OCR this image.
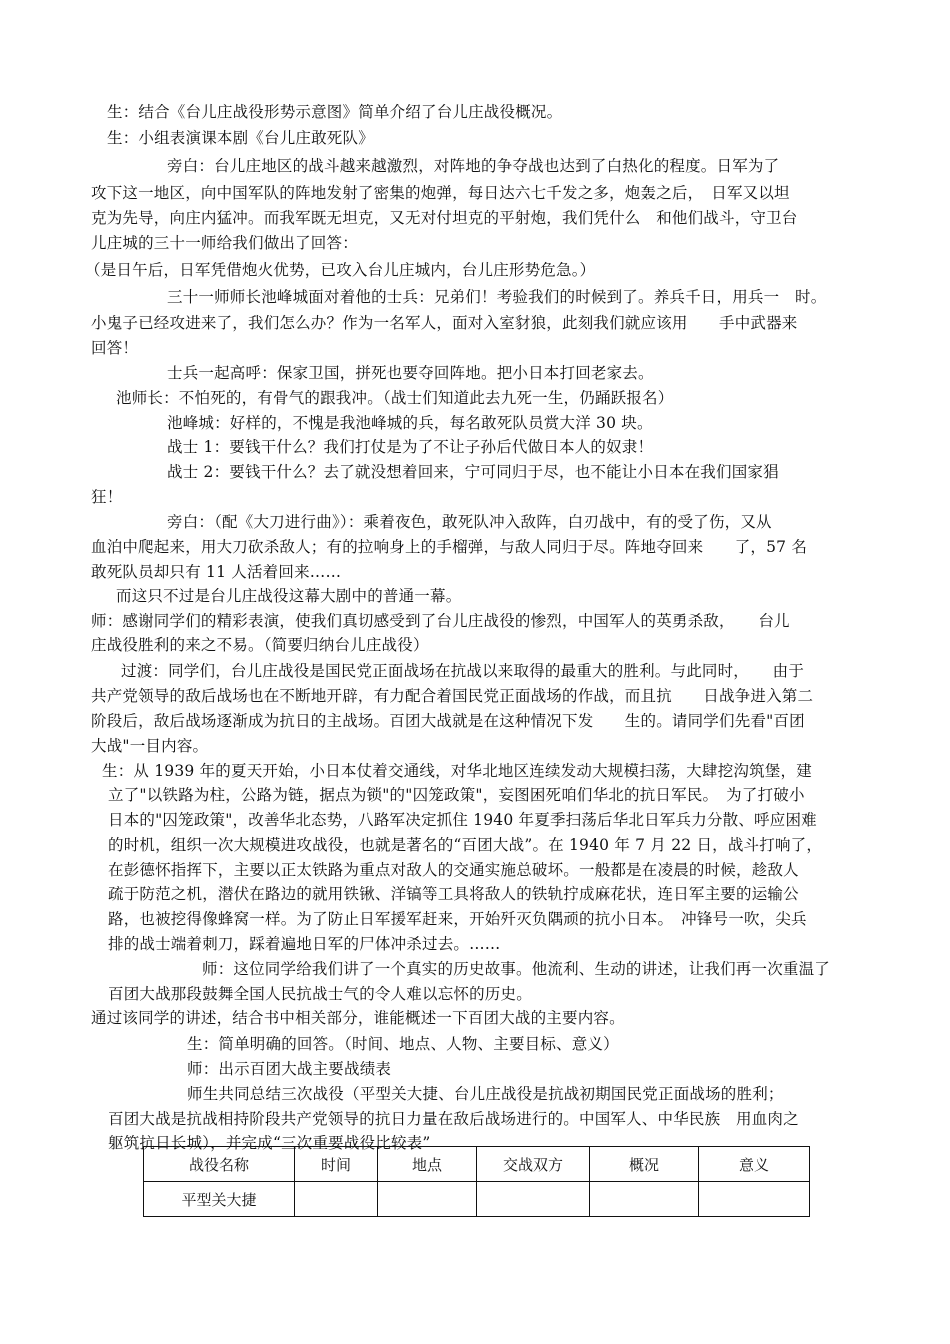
生：结合《台儿庄战役形势示意图》简单介绍了台儿庄战役概况。
生：小组表演课本剧《台儿庄敢死队》
旁白：台儿庄地区的战斗越来越激烈，对阵地的争夺战也达到了白热化的程度。日军为了
攻下这一地区，向中国军队的阵地发射了密集的炮弹，每日达六七千发之多，炮轰之后，　日军又以坦
克为先导，向庄内猛冲。而我军既无坦克，又无对付坦克的平射炮，我们凭什么　和他们战斗，守卫台
儿庄城的三十一师给我们做出了回答：
（是日午后，日军凭借炮火优势，已攻入台儿庄城内，台儿庄形势危急。）
三十一师师长池峰城面对着他的士兵：兄弟们！考验我们的时候到了。养兵千日，用兵一　时。
小鬼子已经攻进来了，我们怎么办？作为一名军人，面对入室豺狼，此刻我们就应该用　　手中武器来
回答！
士兵一起高呼：保家卫国，拼死也要夺回阵地。把小日本打回老家去。
池师长：不怕死的，有骨气的跟我冲。（战士们知道此去九死一生，仍踊跃报名）
池峰城：好样的，不愧是我池峰城的兵，每名敢死队员赏大洋 30 块。
战士 1：要钱干什么？我们打仗是为了不让子孙后代做日本人的奴隶！
战士 2：要钱干什么？去了就没想着回来，宁可同归于尽，也不能让小日本在我们国家猖
狂！
旁白：（配《大刀进行曲》）：乘着夜色，敢死队冲入敌阵，白刃战中，有的受了伤，又从
血泊中爬起来，用大刀砍杀敌人；有的拉响身上的手榴弹，与敌人同归于尽。阵地夺回来　　了，57 名
敢死队员却只有 11 人活着回来……
而这只不过是台儿庄战役这幕大剧中的普通一幕。
师：感谢同学们的精彩表演，使我们真切感受到了台儿庄战役的惨烈，中国军人的英勇杀敌，　　台儿
庄战役胜利的来之不易。（简要归纳台儿庄战役）
过渡：同学们，台儿庄战役是国民党正面战场在抗战以来取得的最重大的胜利。与此同时，　　由于
共产党领导的敌后战场也在不断地开辟，有力配合着国民党正面战场的作战，而且抗　　日战争进入第二
阶段后，敌后战场逐渐成为抗日的主战场。百团大战就是在这种情况下发　　生的。请同学们先看"百团
大战"一目内容。
生：从 1939 年的夏天开始，小日本仗着交通线，对华北地区连续发动大规模扫荡，大肆挖沟筑堡，建
立了"以铁路为柱，公路为链，据点为锁"的"囚笼政策"，妄图困死咱们华北的抗日军民。　为了打破小
日本的"囚笼政策"，改善华北态势，八路军决定抓住 1940 年夏季扫荡后华北日军兵力分散、呼应困难
的时机，组织一次大规模进攻战役，也就是著名的“百团大战”。在 1940 年 7 月 22 日，战斗打响了，
在彭德怀指挥下，主要以正太铁路为重点对敌人的交通实施总破坏。一般都是在凌晨的时候，趁敌人
疏于防范之机，潜伏在路边的就用铁锹、洋镐等工具将敌人的铁轨拧成麻花状，连日军主要的运输公
路，也被挖得像蜂窝一样。为了防止日军援军赶来，开始歼灭负隅顽的抗小日本。　冲锋号一吹，尖兵
排的战士端着刺刀，踩着遍地日军的尸体冲杀过去。……
师：这位同学给我们讲了一个真实的历史故事。他流利、生动的讲述，让我们再一次重温了
百团大战那段鼓舞全国人民抗战士气的令人难以忘怀的历史。
通过该同学的讲述，结合书中相关部分，谁能概述一下百团大战的主要内容。
生：简单明确的回答。（时间、地点、人物、主要目标、意义）
师：出示百团大战主要战绩表
师生共同总结三次战役（平型关大捷、台儿庄战役是抗战初期国民党正面战场的胜利；
百团大战是抗战相持阶段共产党领导的抗日力量在敌后战场进行的。中国军人、中华民族　用血肉之
躯筑抗日长城），并完成“三次重要战役比较表”
战役名称	时间	地点	交战双方	概况	意义
平型关大捷					
